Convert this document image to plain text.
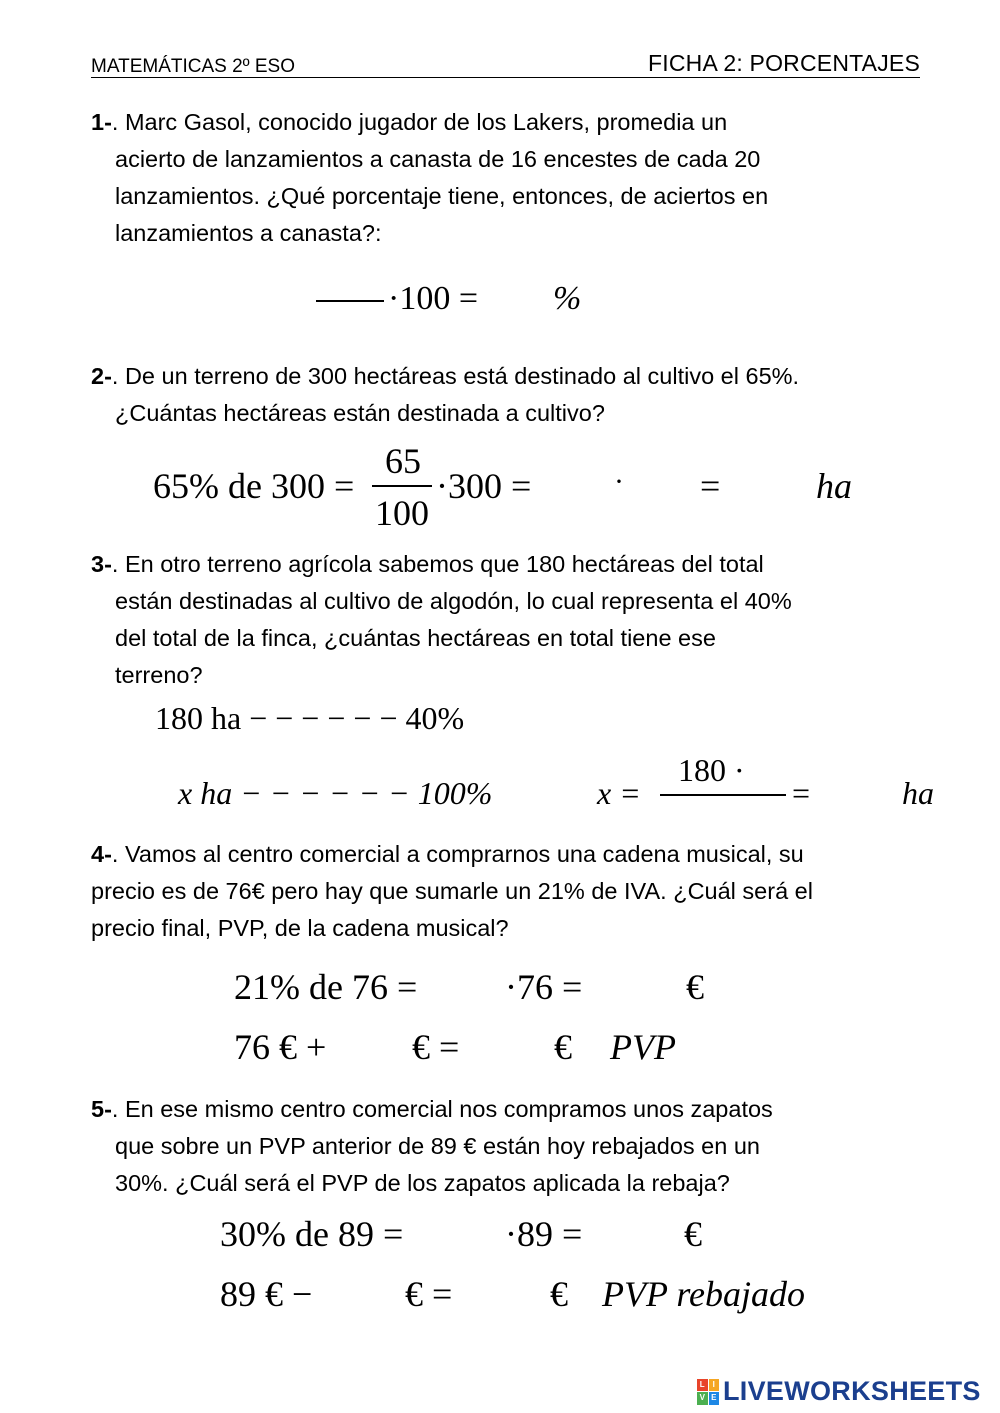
MATEMÁTICAS 2º ESO	FICHA 2: PORCENTAJES
1-. Marc Gasol, conocido jugador de los Lakers, promedia un
acierto de lanzamientos a canasta de 16 encestes de cada 20
lanzamientos. ¿Qué porcentaje tiene, entonces, de aciertos en
lanzamientos a canasta?:
·100 = %
2-. De un terreno de 300 hectáreas está destinado al cultivo el 65%.
¿Cuántas hectáreas están destinada a cultivo?
65% de 300 =
65
100
·300 =	· =	ha
3-. En otro terreno agrícola sabemos que 180 hectáreas del total
están destinadas al cultivo de algodón, lo cual representa el 40%
del total de la finca, ¿cuántas hectáreas en total tiene ese
terreno?
180 ha − − − − − − 40%
x ha − − − − − − 100%	x =
180 ·
=	ha
4-. Vamos al centro comercial a comprarnos una cadena musical, su
precio es de 76€ pero hay que sumarle un 21% de IVA. ¿Cuál será el
precio final, PVP, de la cadena musical?
21% de 76 = ·76 =	€
76 € + € =	€ PVP
5-. En ese mismo centro comercial nos compramos unos zapatos
que sobre un PVP anterior de 89 € están hoy rebajados en un
30%. ¿Cuál será el PVP de los zapatos aplicada la rebaja?
30% de 89 =	·89 =	€
89 € −	€ =	€ PVP rebajado
L I
V E LIVEWORKSHEETS
